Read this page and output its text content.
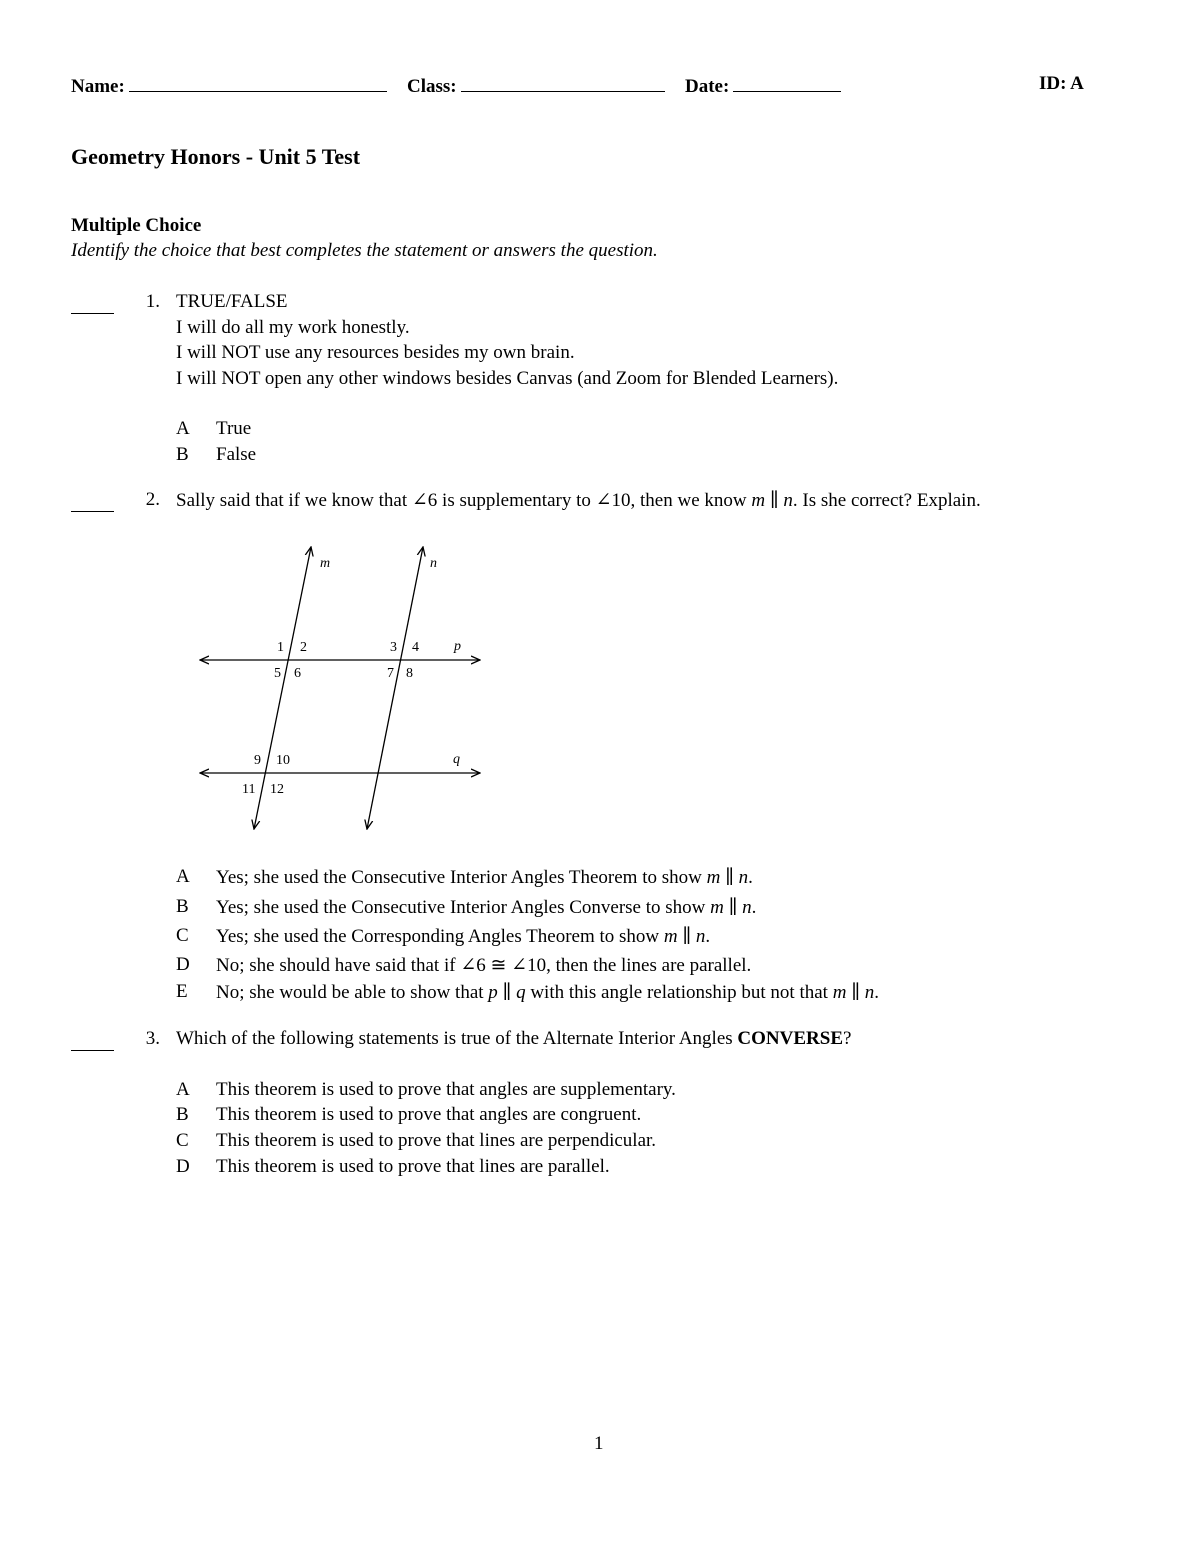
Name:	Class:	Date:	ID: A
Geometry Honors - Unit 5 Test
Multiple Choice
Identify the choice that best completes the statement or answers the question.
1. TRUE/FALSE
I will do all my work honestly.
I will NOT use any resources besides my own brain.
I will NOT open any other windows besides Canvas (and Zoom for Blended Learners).
A True
B False
2. Sally said that if we know that ∠6 is supplementary to ∠10, then we know m ∥ n. Is she correct? Explain.
m	n
p
q
1 2	3 4
5 6	7 8
9 10
11 12
A Yes; she used the Consecutive Interior Angles Theorem to show m ∥ n.
B Yes; she used the Consecutive Interior Angles Converse to show m ∥ n.
C Yes; she used the Corresponding Angles Theorem to show m ∥ n.
D No; she should have said that if ∠6 ≅ ∠10, then the lines are parallel.
E No; she would be able to show that p ∥ q with this angle relationship but not that m ∥ n.
3. Which of the following statements is true of the Alternate Interior Angles CONVERSE?
A This theorem is used to prove that angles are supplementary.
B This theorem is used to prove that angles are congruent.
C This theorem is used to prove that lines are perpendicular.
D This theorem is used to prove that lines are parallel.
1
